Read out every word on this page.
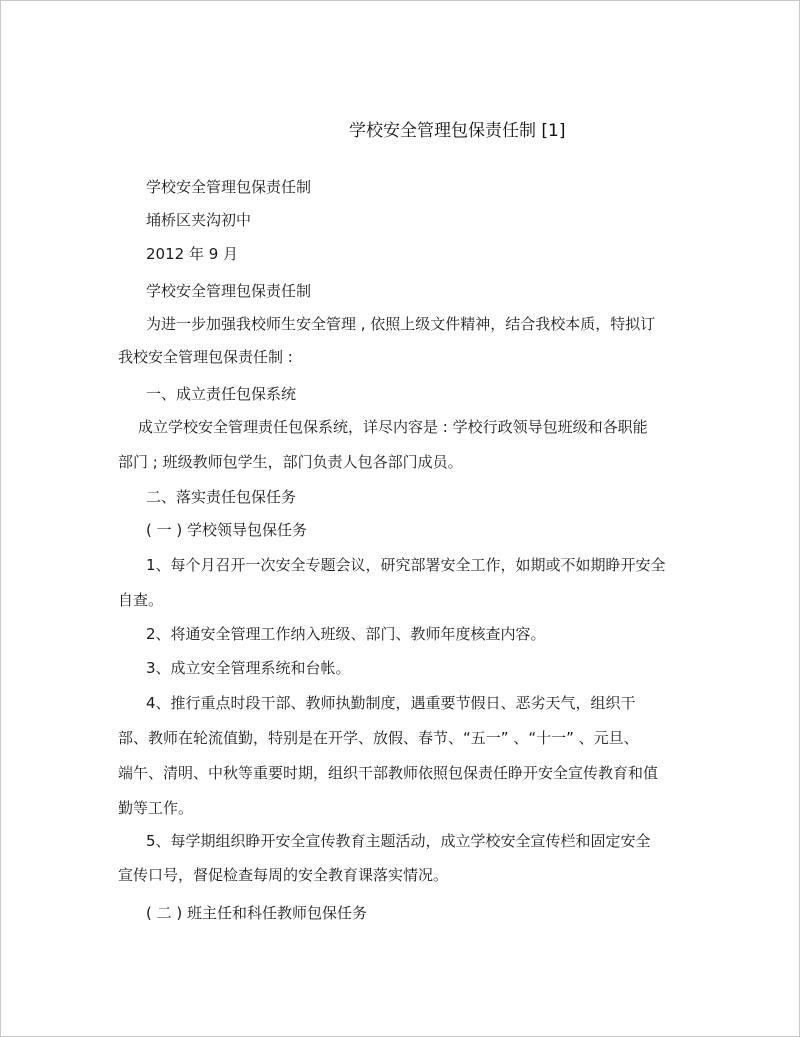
学校安全管理包保责任制 [1]
学校安全管理包保责任制
埇桥区夹沟初中
2012 年 9 月
学校安全管理包保责任制
为进一步加强我校师生安全管理 , 依照上级文件精神，结合我校本质，特拟订
我校安全管理包保责任制 :
一、成立责任包保系统
成立学校安全管理责任包保系统，详尽内容是 : 学校行政领导包班级和各职能
部门 ; 班级教师包学生，部门负责人包各部门成员。
二、落实责任包保任务
( 一 ) 学校领导包保任务
1、每个月召开一次安全专题会议，研究部署安全工作，如期或不如期睁开安全
自查。
2、将通安全管理工作纳入班级、部门、教师年度核查内容。
3、成立安全管理系统和台帐。
4、推行重点时段干部、教师执勤制度，遇重要节假日、恶劣天气，组织干
部、教师在轮流值勤，特别是在开学、放假、春节、“五一” 、“十一” 、元旦、
端午、清明、中秋等重要时期，组织干部教师依照包保责任睁开安全宣传教育和值
勤等工作。
5、每学期组织睁开安全宣传教育主题活动，成立学校安全宣传栏和固定安全
宣传口号，督促检查每周的安全教育课落实情况。
( 二 ) 班主任和科任教师包保任务
